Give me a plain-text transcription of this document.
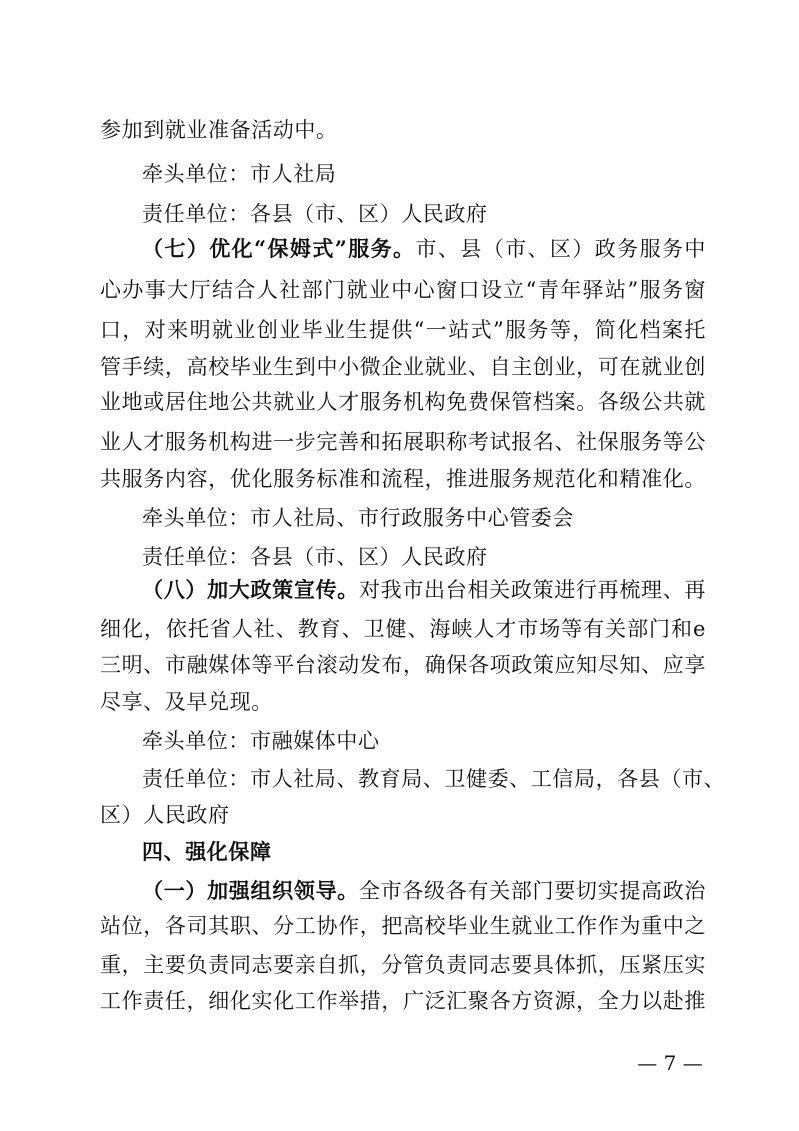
参加到就业准备活动中。
牵头单位：市人社局
责任单位：各县（市、区）人民政府
（七）优化“保姆式”服务。市、县（市、区）政务服务中
心办事大厅结合人社部门就业中心窗口设立“青年驿站”服务窗
口，对来明就业创业毕业生提供“一站式”服务等，简化档案托
管手续，高校毕业生到中小微企业就业、自主创业，可在就业创
业地或居住地公共就业人才服务机构免费保管档案。各级公共就
业人才服务机构进一步完善和拓展职称考试报名、社保服务等公
共服务内容，优化服务标准和流程，推进服务规范化和精准化。
牵头单位：市人社局、市行政服务中心管委会
责任单位：各县（市、区）人民政府
（八）加大政策宣传。对我市出台相关政策进行再梳理、再
细化，依托省人社、教育、卫健、海峡人才市场等有关部门和e
三明、市融媒体等平台滚动发布，确保各项政策应知尽知、应享
尽享、及早兑现。
牵头单位：市融媒体中心
责任单位：市人社局、教育局、卫健委、工信局，各县（市、
区）人民政府
四、强化保障
（一）加强组织领导。全市各级各有关部门要切实提高政治
站位，各司其职、分工协作，把高校毕业生就业工作作为重中之
重，主要负责同志要亲自抓，分管负责同志要具体抓，压紧压实
工作责任，细化实化工作举措，广泛汇聚各方资源，全力以赴推
— 7 —
